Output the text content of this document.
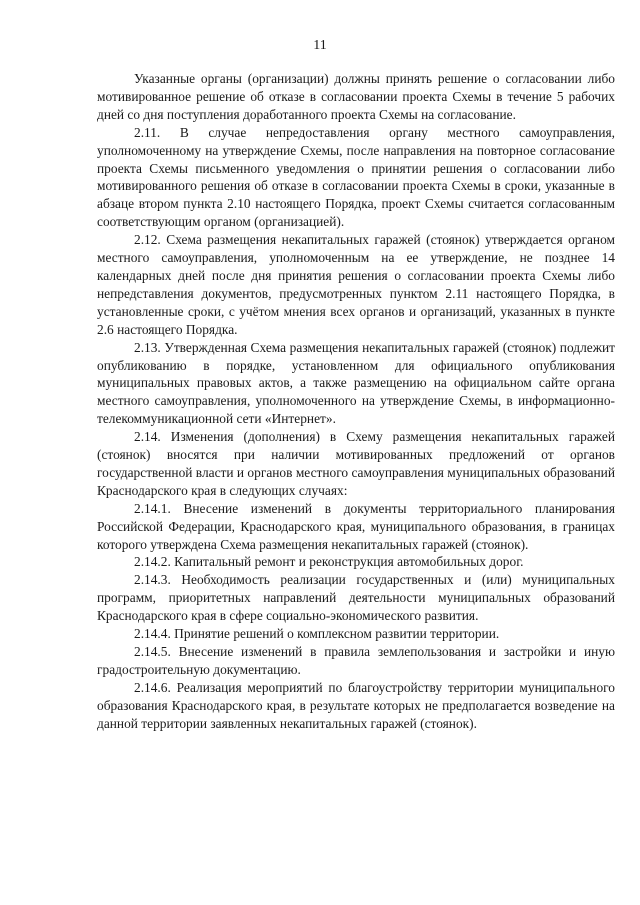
11

Указанные органы (организации) должны принять решение о согласовании либо мотивированное решение об отказе в согласовании проекта Схемы в течение 5 рабочих дней со дня поступления доработанного проекта Схемы на согласование.

2.11. В случае непредоставления органу местного самоуправления, уполномоченному на утверждение Схемы, после направления на повторное согласование проекта Схемы письменного уведомления о принятии решения о согласовании либо мотивированного решения об отказе в согласовании проекта Схемы в сроки, указанные в абзаце втором пункта 2.10 настоящего Порядка, проект Схемы считается согласованным соответствующим органом (организацией).

2.12. Схема размещения некапитальных гаражей (стоянок) утверждается органом местного самоуправления, уполномоченным на ее утверждение, не позднее 14 календарных дней после дня принятия решения о согласовании проекта Схемы либо непредставления документов, предусмотренных пунктом 2.11 настоящего Порядка, в установленные сроки, с учётом мнения всех органов и организаций, указанных в пункте 2.6 настоящего Порядка.

2.13. Утвержденная Схема размещения некапитальных гаражей (стоянок) подлежит опубликованию в порядке, установленном для официального опубликования муниципальных правовых актов, а также размещению на официальном сайте органа местного самоуправления, уполномоченного на утверждение Схемы, в информационно-телекоммуникационной сети «Интернет».

2.14. Изменения (дополнения) в Схему размещения некапитальных гаражей (стоянок) вносятся при наличии мотивированных предложений от органов государственной власти и органов местного самоуправления муниципальных образований Краснодарского края в следующих случаях:

2.14.1. Внесение изменений в документы территориального планирования Российской Федерации, Краснодарского края, муниципального образования, в границах которого утверждена Схема размещения некапитальных гаражей (стоянок).

2.14.2. Капитальный ремонт и реконструкция автомобильных дорог.

2.14.3. Необходимость реализации государственных и (или) муниципальных программ, приоритетных направлений деятельности муниципальных образований Краснодарского края в сфере социально-экономического развития.

2.14.4. Принятие решений о комплексном развитии территории.

2.14.5. Внесение изменений в правила землепользования и застройки и иную градостроительную документацию.

2.14.6. Реализация мероприятий по благоустройству территории муниципального образования Краснодарского края, в результате которых не предполагается возведение на данной территории заявленных некапитальных гаражей (стоянок).
